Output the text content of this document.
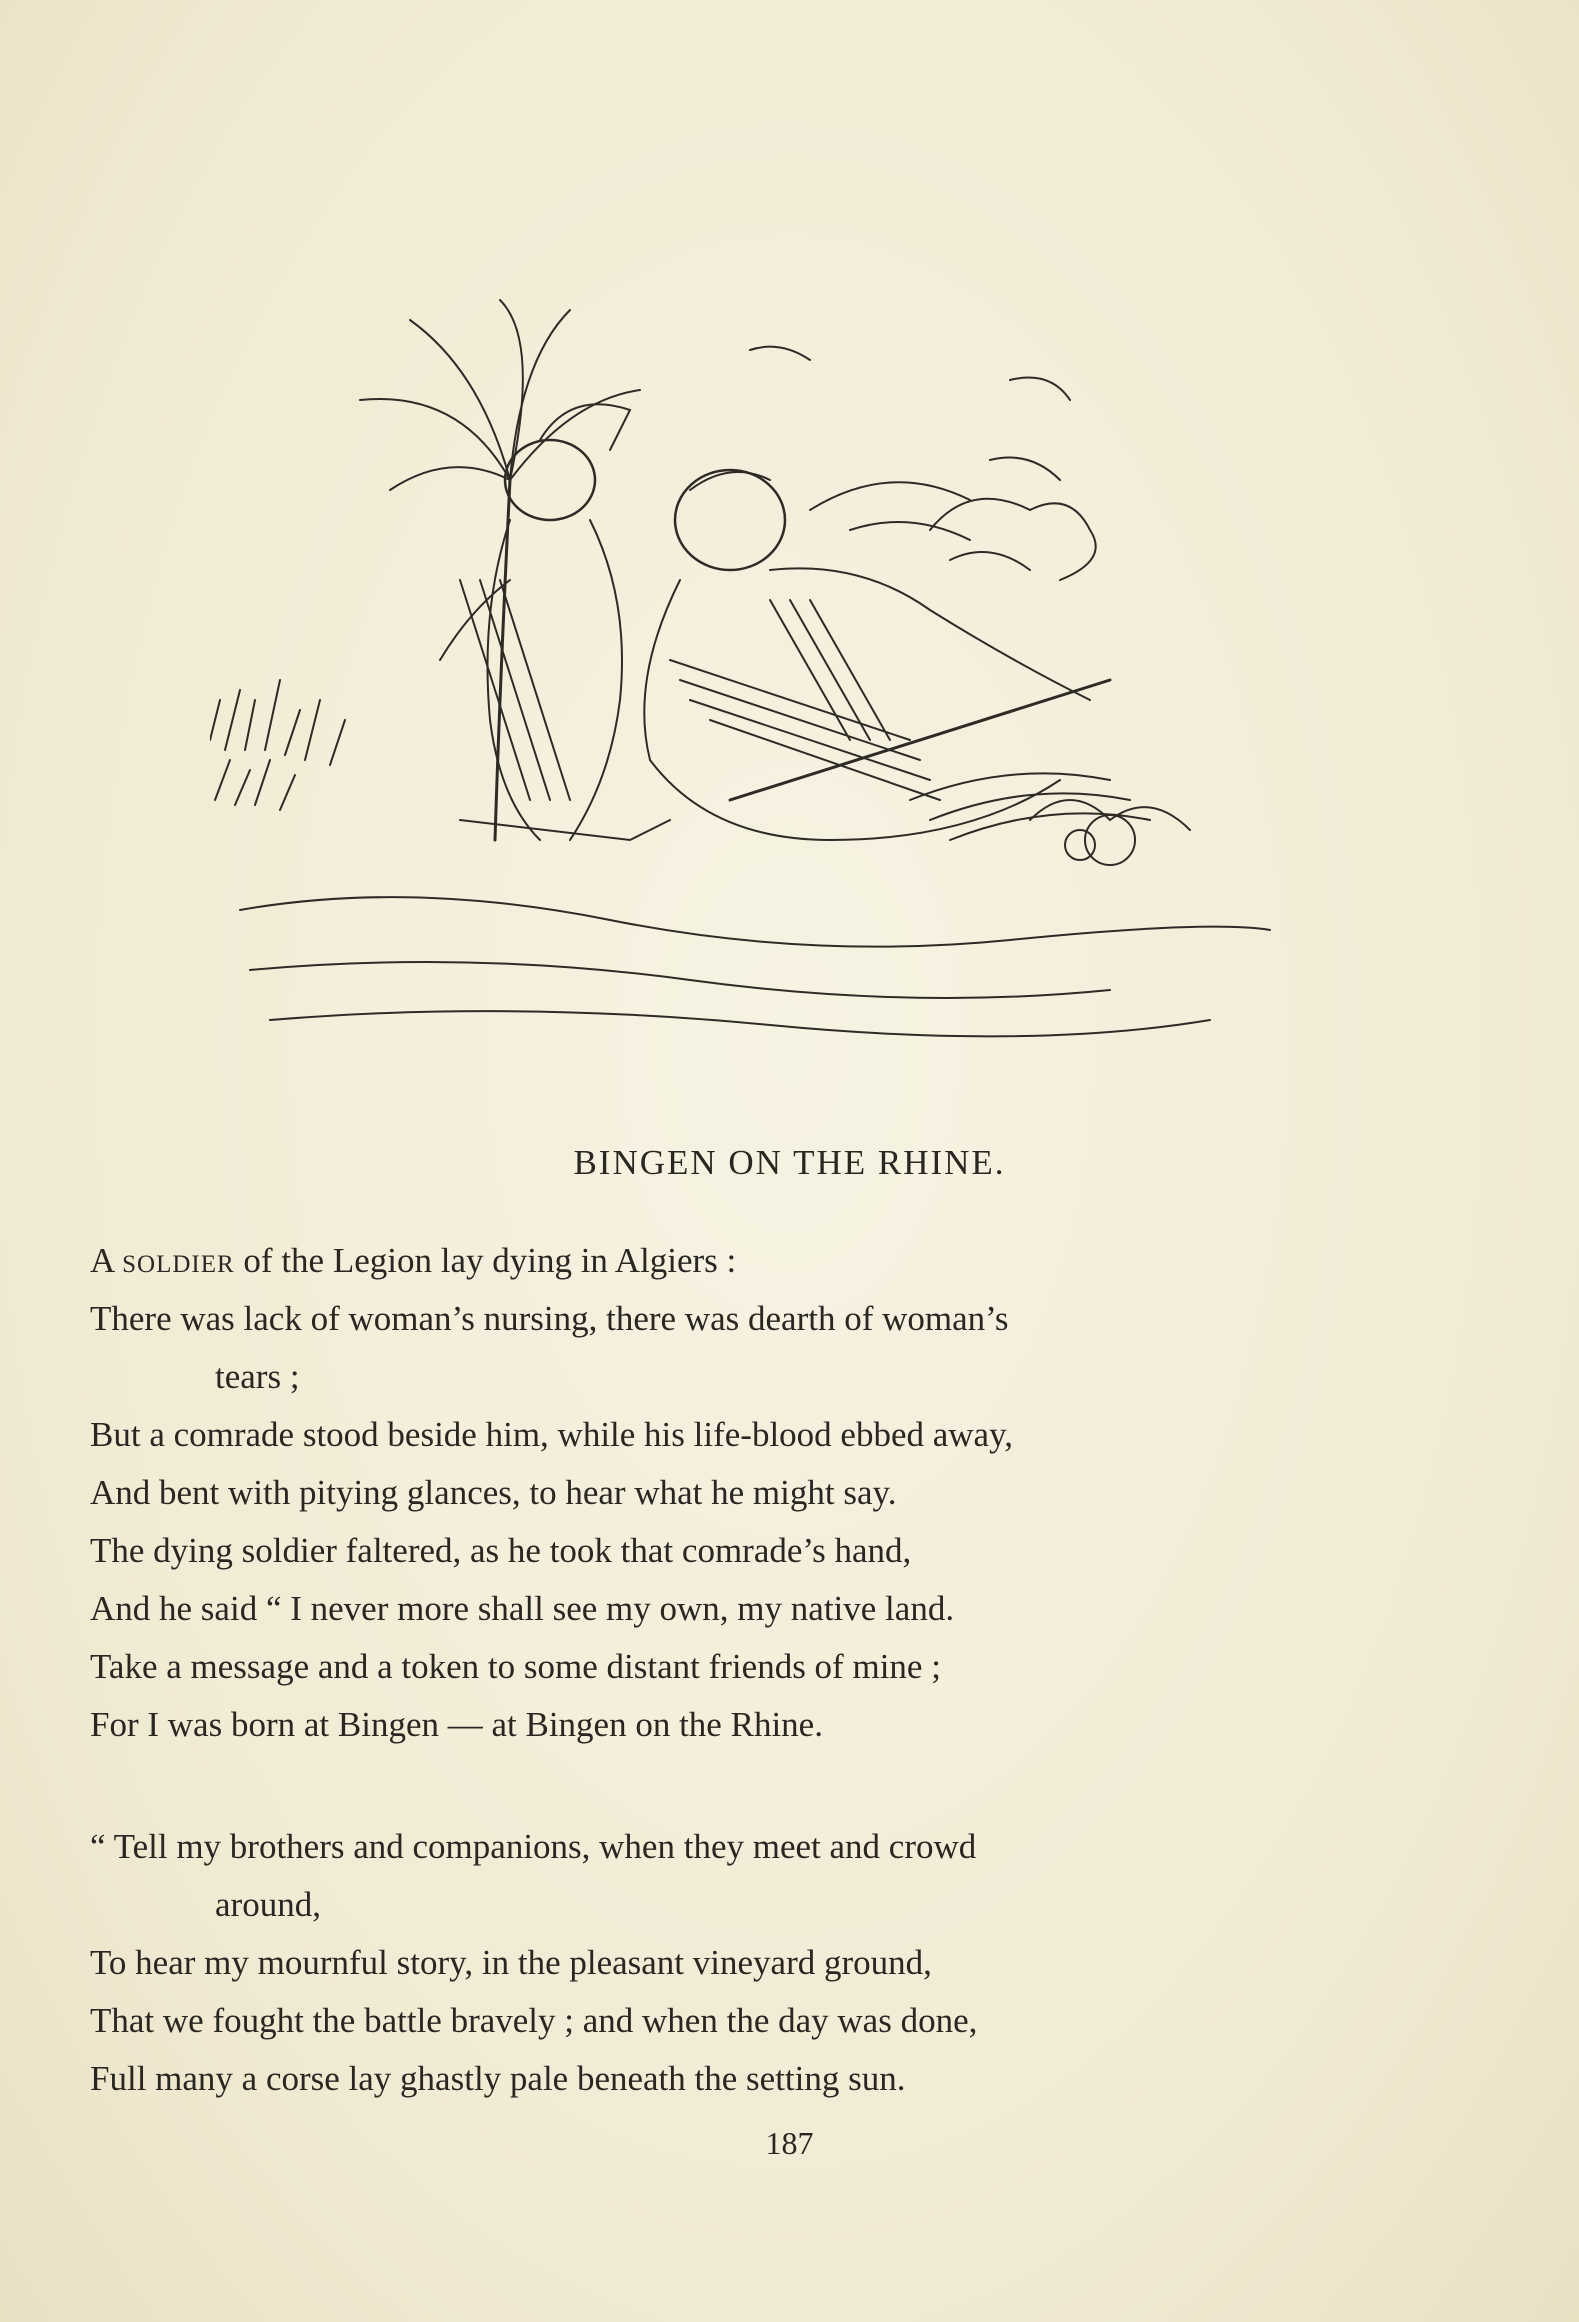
BINGEN ON THE RHINE.
A soldier of the Legion lay dying in Algiers :
There was lack of woman’s nursing, there was dearth of woman’s
tears ;
But a comrade stood beside him, while his life-blood ebbed away,
And bent with pitying glances, to hear what he might say.
The dying soldier faltered, as he took that comrade’s hand,
And he said “ I never more shall see my own, my native land.
Take a message and a token to some distant friends of mine ;
For I was born at Bingen — at Bingen on the Rhine.
“ Tell my brothers and companions, when they meet and crowd
around,
To hear my mournful story, in the pleasant vineyard ground,
That we fought the battle bravely ; and when the day was done,
Full many a corse lay ghastly pale beneath the setting sun.
187
